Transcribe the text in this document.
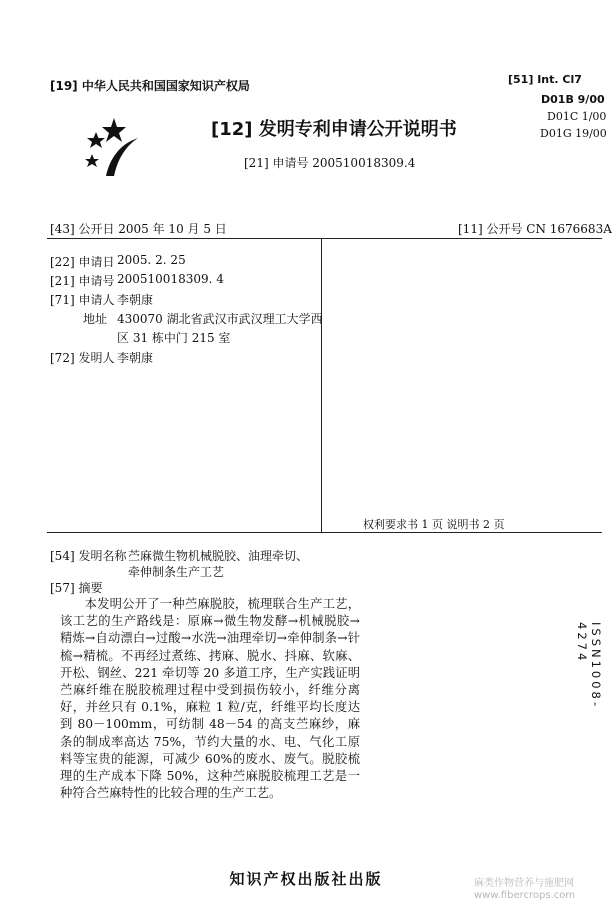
[19] 中华人民共和国国家知识产权局
[12] 发明专利申请公开说明书
[21] 申请号 200510018309.4
[51] Int. Cl7
D01B 9/00
D01C 1/00
D01G 19/00
[43] 公开日 2005 年 10 月 5 日	[11] 公开号 CN 1676683A
[22] 申请日 2005. 2. 25
[21] 申请号 200510018309. 4
[71] 申请人 李朝康
地址 430070 湖北省武汉市武汉理工大学西
区 31 栋中门 215 室
[72] 发明人 李朝康
权利要求书 1 页 说明书 2 页
[54] 发明名称 苎麻微生物机械脱胶、油理牵切、
牵伸制条生产工艺
[57] 摘要

本发明公开了一种苎麻脱胶，梳理联合生产工艺，该工艺的生产路线是：原麻→微生物发酵→机械脱胶→精炼→自动漂白→过酸→水洗→油理牵切→牵伸制条→针梳→精梳。不再经过煮练、拷麻、脱水、抖麻、软麻、开松、钢丝、221 牵切等 20 多道工序，生产实践证明苎麻纤维在脱胶梳理过程中受到损伤较小，纤维分离好，并丝只有 0.1%，麻粒 1 粒/克，纤维平均长度达到 80－100mm，可纺制 48－54 的高支苎麻纱，麻条的制成率高达 75%，节约大量的水、电、气化工原料等宝贵的能源，可减少 60%的废水、废气。脱胶梳理的生产成本下降 50%，这种苎麻脱胶梳理工艺是一种符合苎麻特性的比较合理的生产工艺。

ISSN1008-4274
知识产权出版社出版	麻类作物营养与施肥网
www.fibercrops.com
